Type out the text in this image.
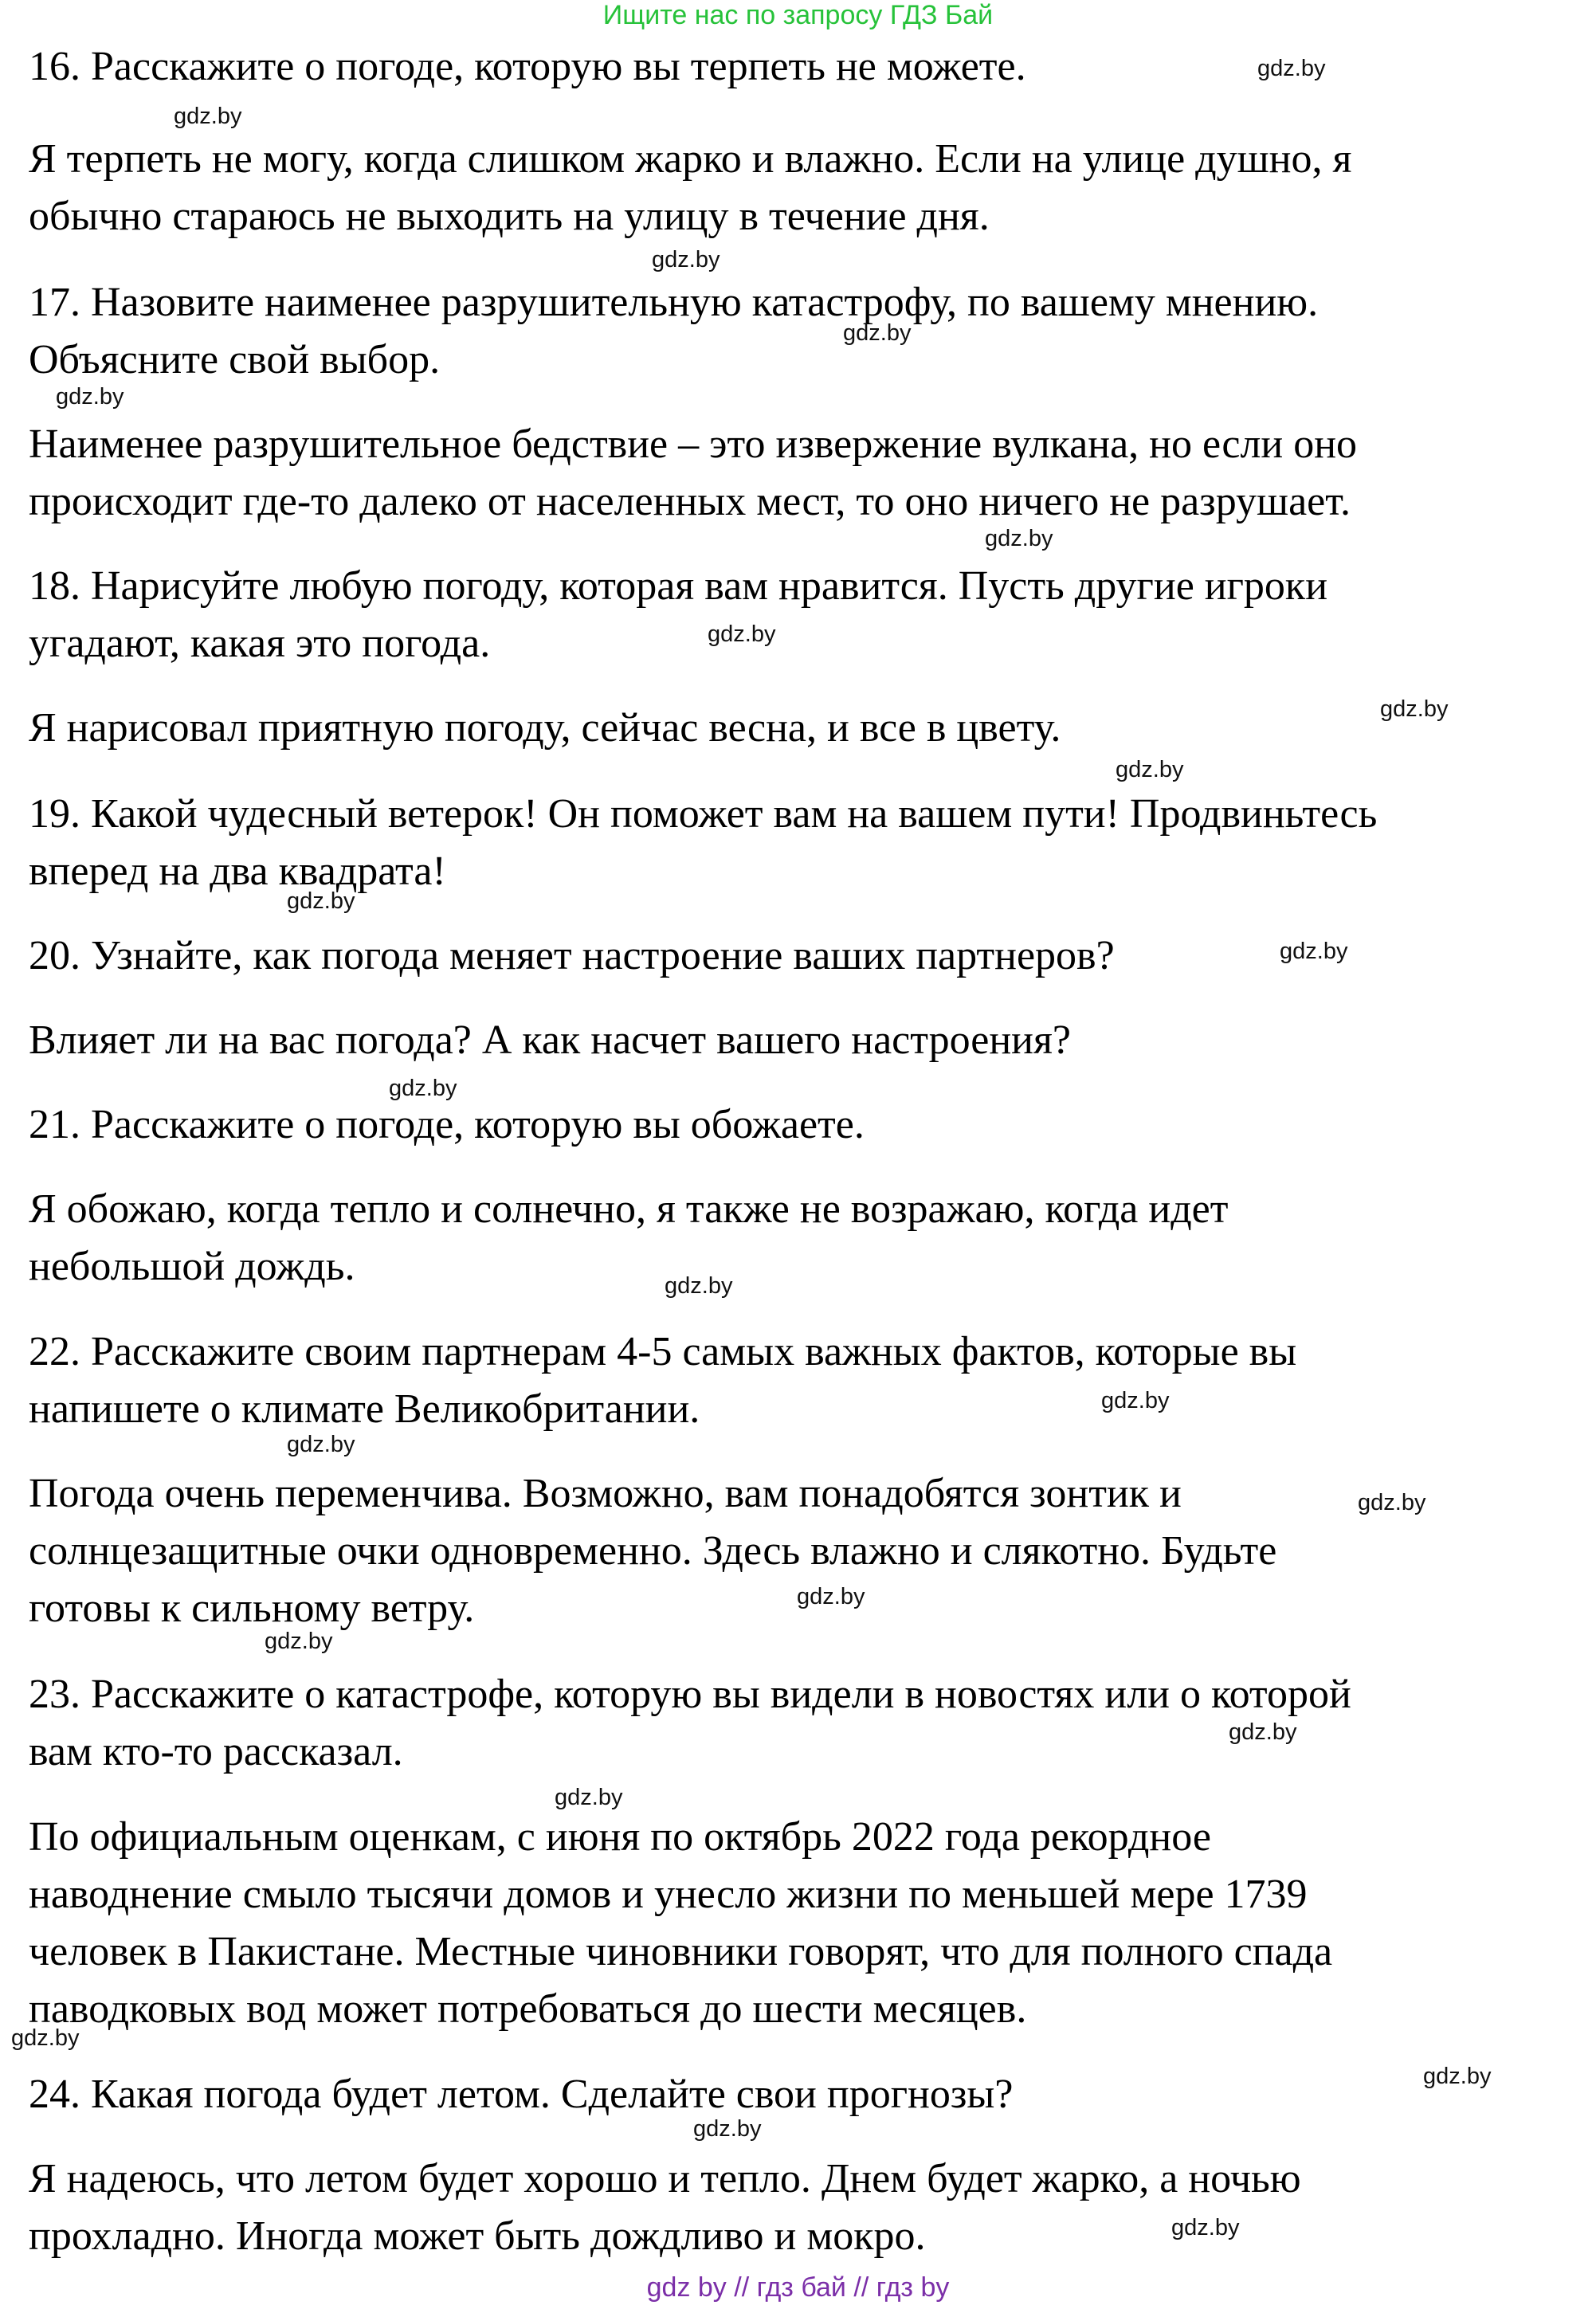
Ищите нас по запросу ГДЗ Бай

16. Расскажите о погоде, которую вы терпеть не можете.

Я терпеть не могу, когда слишком жарко и влажно. Если на улице душно, я
обычно стараюсь не выходить на улицу в течение дня.

17. Назовите наименее разрушительную катастрофу, по вашему мнению.
Объясните свой выбор.

Наименее разрушительное бедствие – это извержение вулкана, но если оно
происходит где-то далеко от населенных мест, то оно ничего не разрушает.

18. Нарисуйте любую погоду, которая вам нравится. Пусть другие игроки
угадают, какая это погода.

Я нарисовал приятную погоду, сейчас весна, и все в цвету.

19. Какой чудесный ветерок! Он поможет вам на вашем пути! Продвиньтесь
вперед на два квадрата!

20. Узнайте, как погода меняет настроение ваших партнеров?

Влияет ли на вас погода? А как насчет вашего настроения?

21. Расскажите о погоде, которую вы обожаете.

Я обожаю, когда тепло и солнечно, я также не возражаю, когда идет
небольшой дождь.

22. Расскажите своим партнерам 4-5 самых важных фактов, которые вы
напишете о климате Великобритании.

Погода очень переменчива. Возможно, вам понадобятся зонтик и
солнцезащитные очки одновременно. Здесь влажно и слякотно. Будьте
готовы к сильному ветру.

23. Расскажите о катастрофе, которую вы видели в новостях или о которой
вам кто-то рассказал.

По официальным оценкам, с июня по октябрь 2022 года рекордное
наводнение смыло тысячи домов и унесло жизни по меньшей мере 1739
человек в Пакистане. Местные чиновники говорят, что для полного спада
паводковых вод может потребоваться до шести месяцев.

24. Какая погода будет летом. Сделайте свои прогнозы?

Я надеюсь, что летом будет хорошо и тепло. Днем будет жарко, а ночью
прохладно. Иногда может быть дождливо и мокро.

gdz.by
gdz.by
gdz.by
gdz.by
gdz.by
gdz.by
gdz.by
gdz.by
gdz.by
gdz.by
gdz.by
gdz.by
gdz.by
gdz.by
gdz.by
gdz.by
gdz.by
gdz.by
gdz.by
gdz.by
gdz.by
gdz.by
gdz.by
gdz.by
gdz by // гдз бай // гдз by
